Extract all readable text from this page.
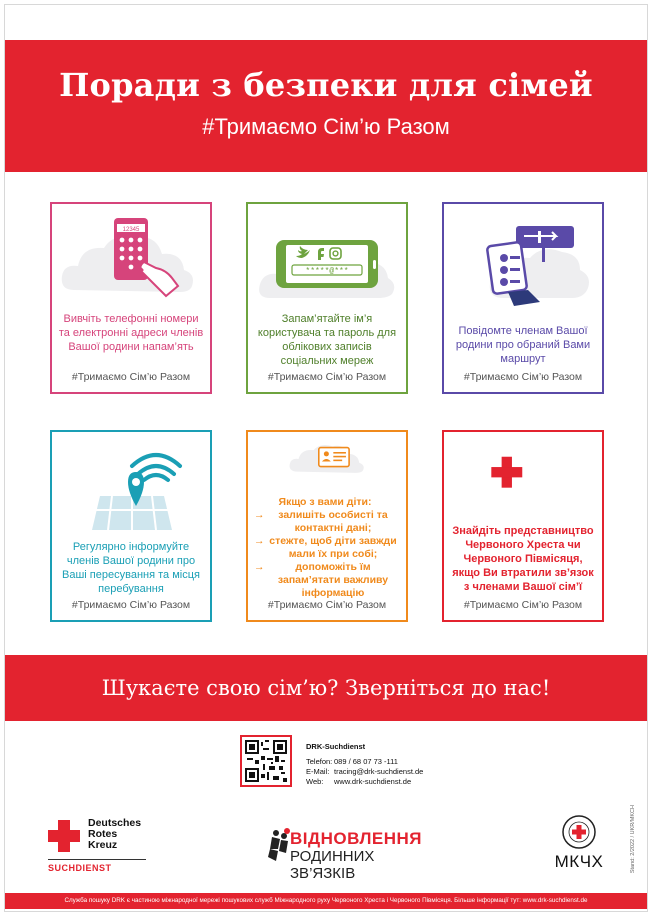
Поради з безпеки для сімей
#Тримаємо Сім’ю Разом
12345
Вивчіть телефонні номери та електронні адреси членів Вашої родини напам’ять
#Тримаємо Сім’ю Разом
*****@***
Запам’ятайте ім’я користувача та пароль для облікових записів соціальних мереж
#Тримаємо Сім’ю Разом
Повідомте членам Вашої родини про обраний Вами маршрут
#Тримаємо Сім’ю Разом
Регулярно інформуйте членів Вашої родини про Ваші пересування та місця перебування
#Тримаємо Сім’ю Разом
Якщо з вами діти:
→ залишіть особисті та контактні дані;
→ стежте, щоб діти завжди мали їх при собі;
→ допоможіть їм запам’ятати важливу інформацію
#Тримаємо Сім’ю Разом
Знайдіть представництво Червоного Хреста чи Червоного Півмісяця, якщо Ви втратили зв’язок з членами Вашої сім’ї
#Тримаємо Сім’ю Разом
Шукаєте свою сім’ю? Зверніться до нас!
DRK-Suchdienst
Telefon: 089 / 68 07 73 -111
E-Mail: tracing@drk-suchdienst.de
Web: www.drk-suchdienst.de
Deutsches
Rotes
Kreuz
SUCHDIENST
ВІДНОВЛЕННЯ
РОДИННИХ ЗВ’ЯЗКІВ
МКЧХ	Stand: 2/2022 / UKR/MKCH
Служба пошуку DRK є частиною міжнародної мережі пошукових служб Міжнародного руху Червоного Хреста і Червоного Півмісяця. Більше інформації тут: www.drk-suchdienst.de
